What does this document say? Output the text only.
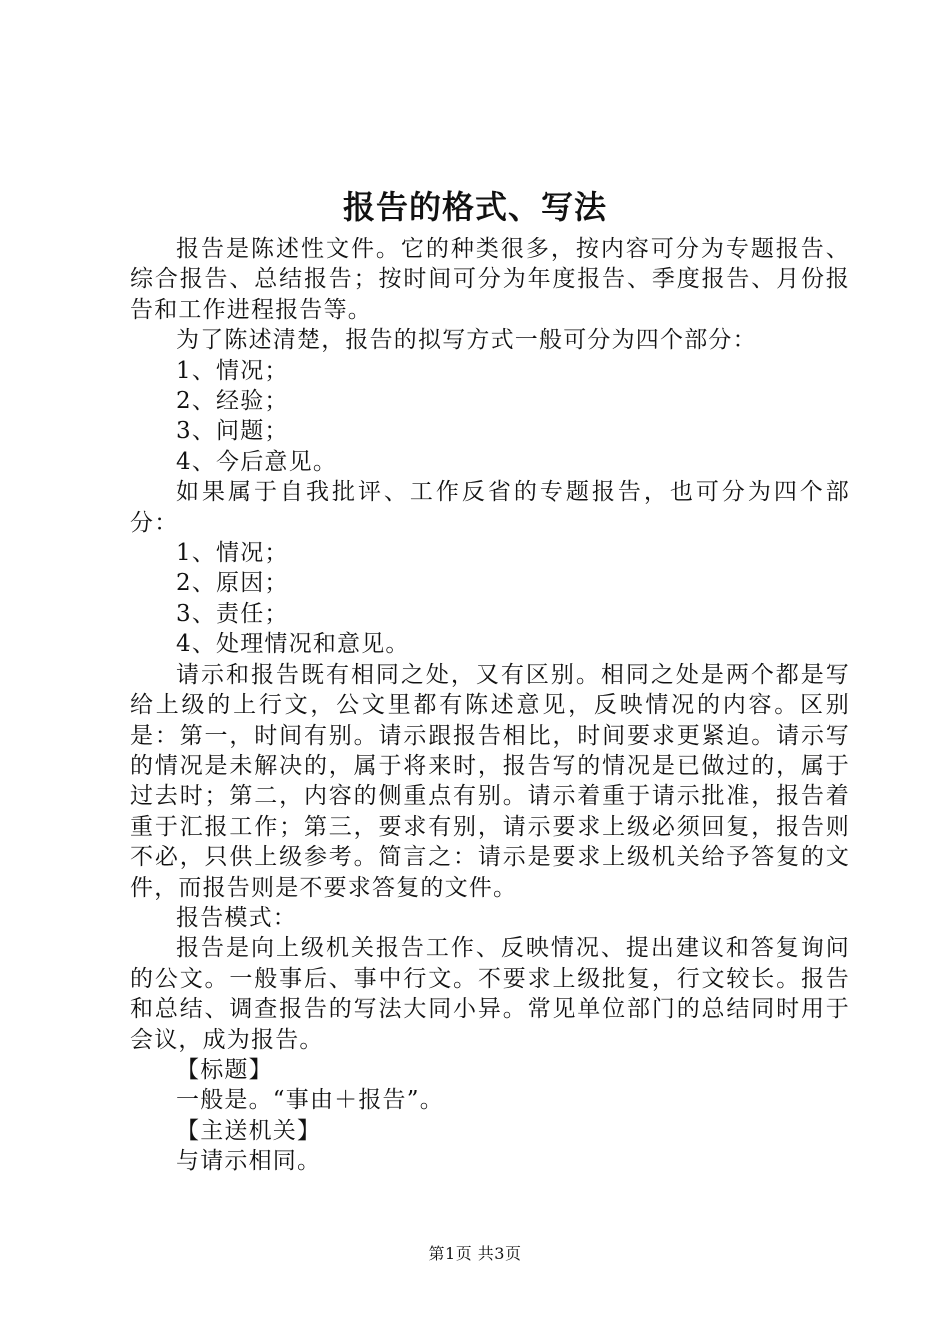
报告的格式、写法

报告是陈述性文件。它的种类很多，按内容可分为专题报告、综合报告、总结报告；按时间可分为年度报告、季度报告、月份报告和工作进程报告等。

为了陈述清楚，报告的拟写方式一般可分为四个部分：

1、情况；

2、经验；

3、问题；

4、今后意见。

如果属于自我批评、工作反省的专题报告，也可分为四个部分：

1、情况；

2、原因；

3、责任；

4、处理情况和意见。

请示和报告既有相同之处，又有区别。相同之处是两个都是写给上级的上行文，公文里都有陈述意见，反映情况的内容。区别是：第一，时间有别。请示跟报告相比，时间要求更紧迫。请示写的情况是未解决的，属于将来时，报告写的情况是已做过的，属于过去时；第二，内容的侧重点有别。请示着重于请示批准，报告着重于汇报工作；第三，要求有别，请示要求上级必须回复，报告则不必，只供上级参考。简言之：请示是要求上级机关给予答复的文件，而报告则是不要求答复的文件。

报告模式：

报告是向上级机关报告工作、反映情况、提出建议和答复询问的公文。一般事后、事中行文。不要求上级批复，行文较长。报告和总结、调查报告的写法大同小异。常见单位部门的总结同时用于会议，成为报告。

【标题】

一般是。“事由＋报告”。

【主送机关】

与请示相同。

第1页 共3页
